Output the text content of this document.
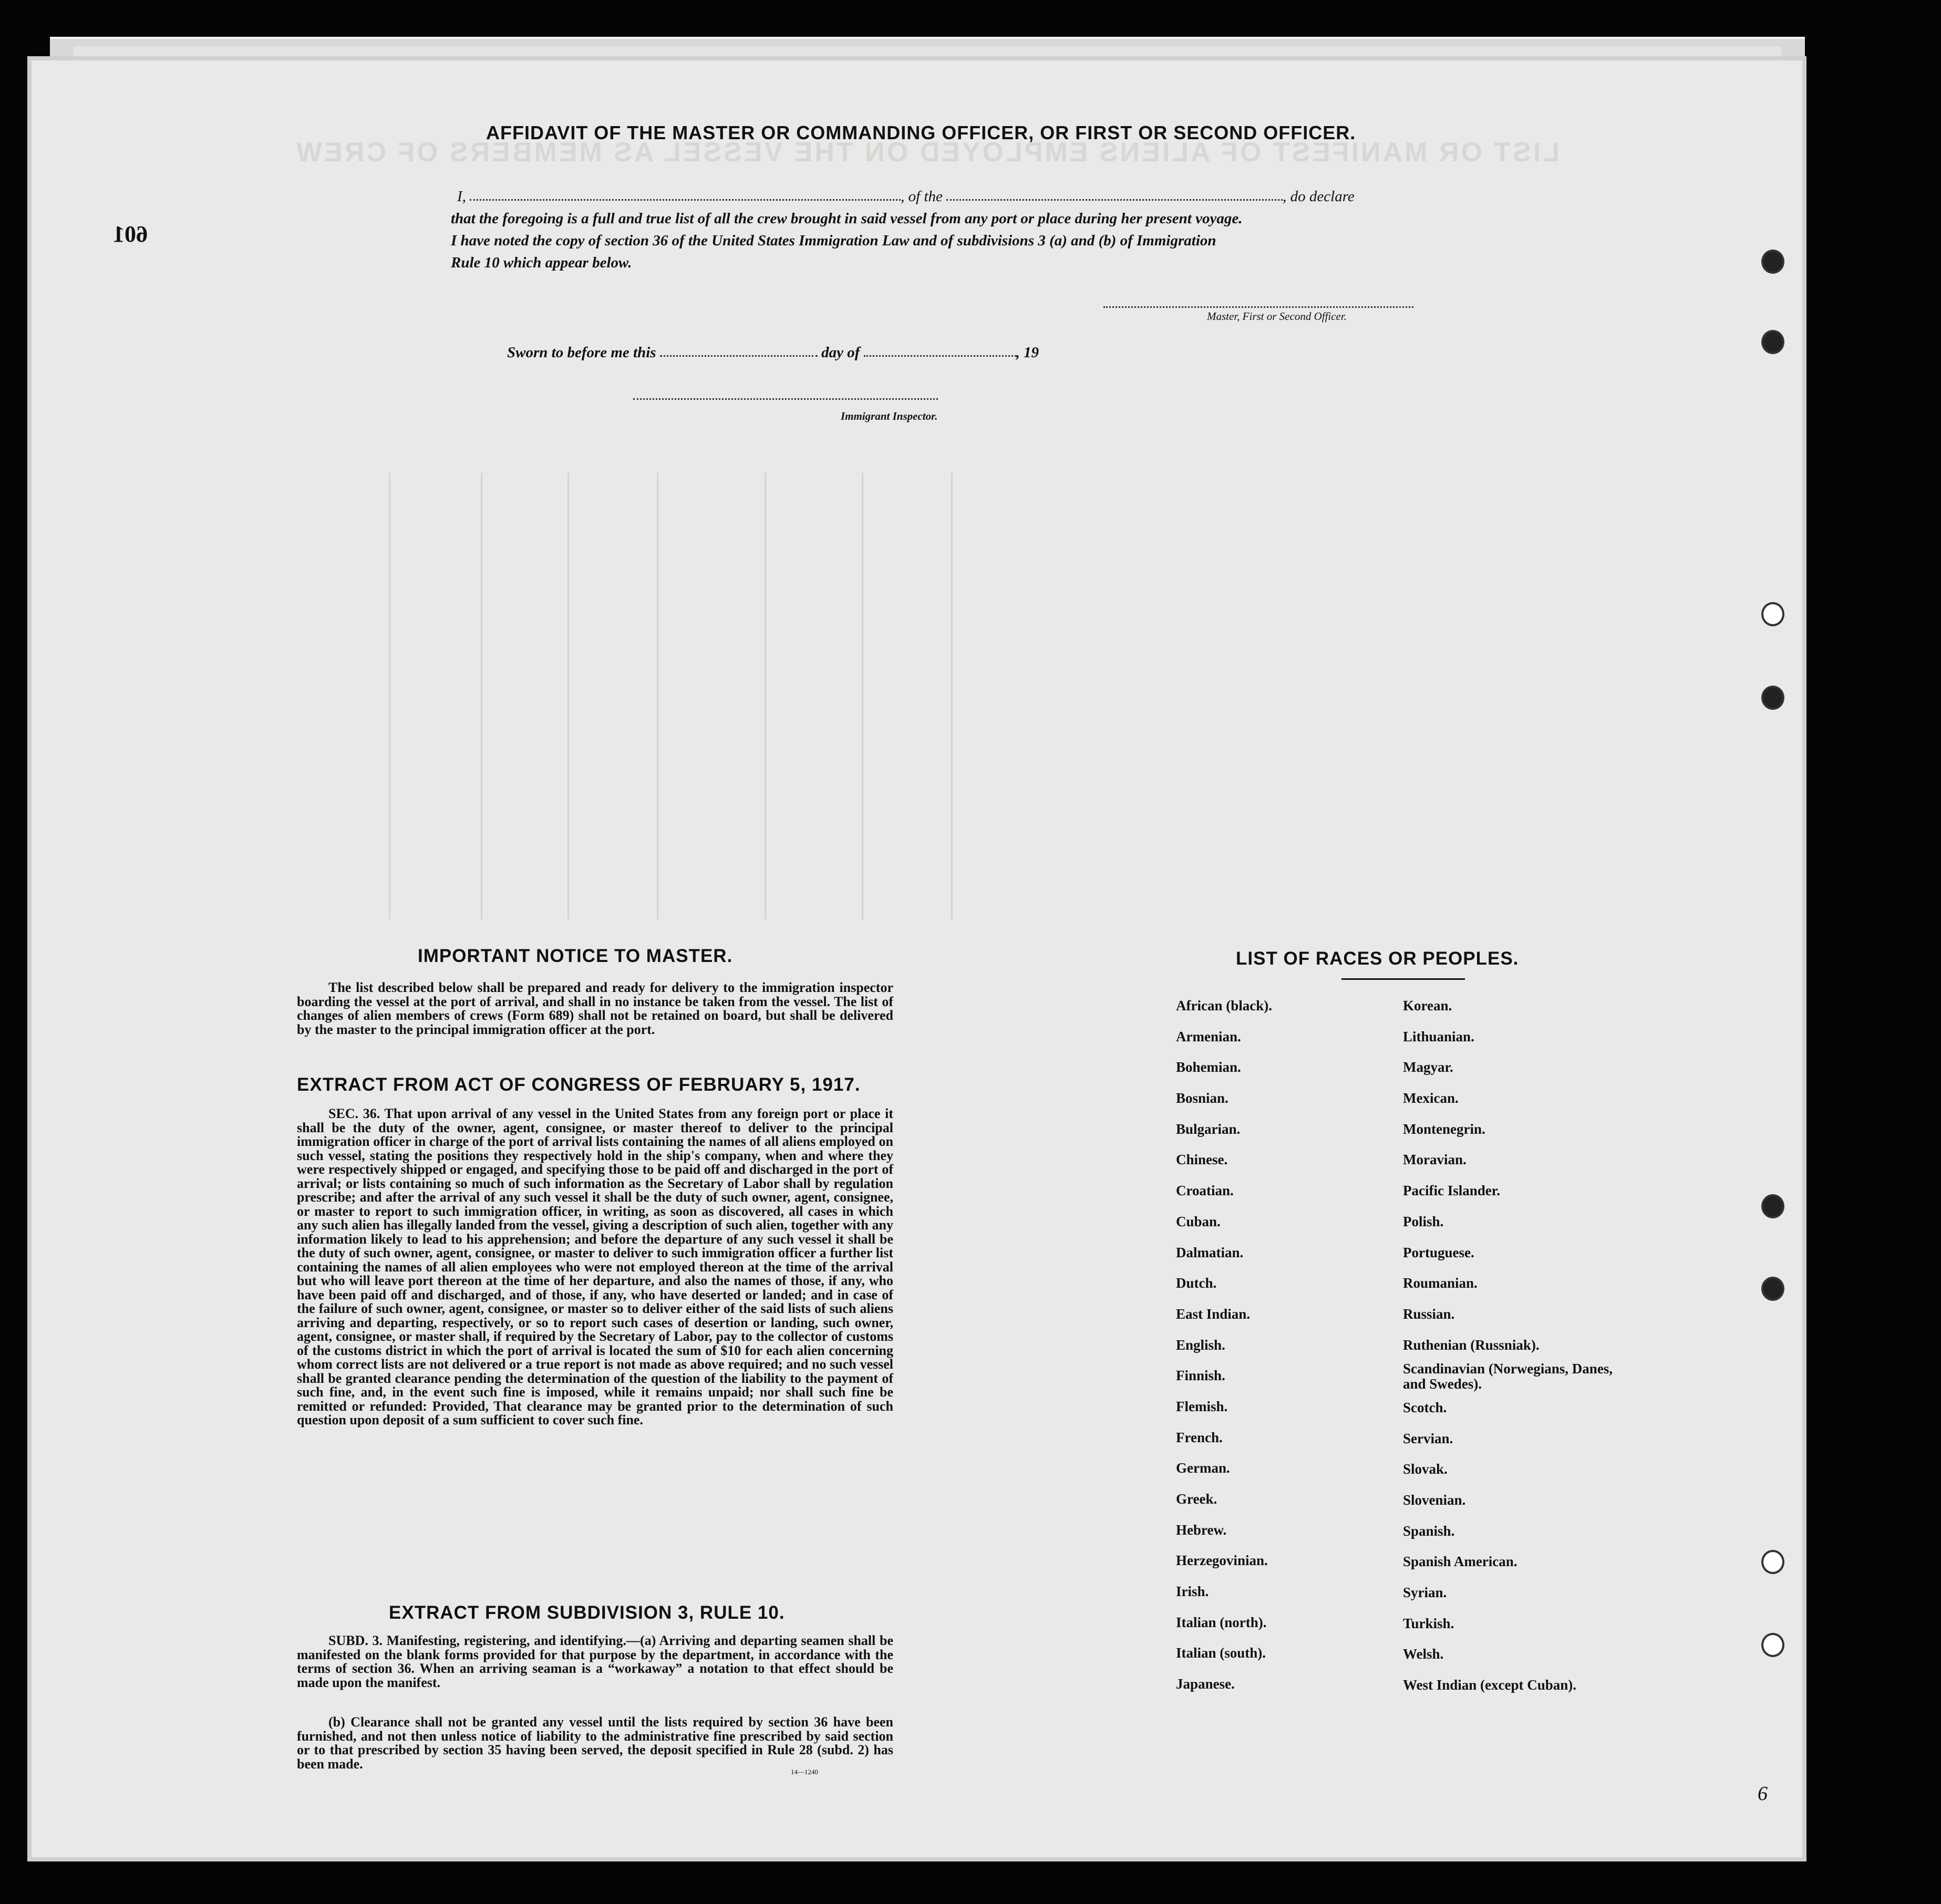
LIST OR MANIFEST OF ALIENS EMPLOYED ON THE VESSEL AS MEMBERS OF CREW
601
AFFIDAVIT OF THE MASTER OR COMMANDING OFFICER, OR FIRST OR SECOND OFFICER.
I,	, of the	, do declare
that the foregoing is a full and true list of all the crew brought in said vessel from any port or place during her present voyage.
I have noted the copy of section 36 of the United States Immigration Law and of subdivisions 3 (a) and (b) of Immigration
Rule 10 which appear below.
Master, First or Second Officer.
Sworn to before me this	day of	, 19
Immigrant Inspector.
IMPORTANT NOTICE TO MASTER.
The list described below shall be prepared and ready for delivery to the immigration inspector boarding the vessel at the port of arrival, and shall in no instance be taken from the vessel. The list of changes of alien members of crews (Form 689) shall not be retained on board, but shall be delivered by the master to the principal immigration officer at the port.
EXTRACT FROM ACT OF CONGRESS OF FEBRUARY 5, 1917.
SEC. 36. That upon arrival of any vessel in the United States from any foreign port or place it shall be the duty of the owner, agent, consignee, or master thereof to deliver to the principal immigration officer in charge of the port of arrival lists containing the names of all aliens employed on such vessel, stating the positions they respectively hold in the ship's company, when and where they were respectively shipped or engaged, and specifying those to be paid off and discharged in the port of arrival; or lists containing so much of such information as the Secretary of Labor shall by regulation prescribe; and after the arrival of any such vessel it shall be the duty of such owner, agent, consignee, or master to report to such immigration officer, in writing, as soon as discovered, all cases in which any such alien has illegally landed from the vessel, giving a description of such alien, together with any information likely to lead to his apprehension; and before the departure of any such vessel it shall be the duty of such owner, agent, consignee, or master to deliver to such immigration officer a further list containing the names of all alien employees who were not employed thereon at the time of the arrival but who will leave port thereon at the time of her departure, and also the names of those, if any, who have been paid off and discharged, and of those, if any, who have deserted or landed; and in case of the failure of such owner, agent, consignee, or master so to deliver either of the said lists of such aliens arriving and departing, respectively, or so to report such cases of desertion or landing, such owner, agent, consignee, or master shall, if required by the Secretary of Labor, pay to the collector of customs of the customs district in which the port of arrival is located the sum of $10 for each alien concerning whom correct lists are not delivered or a true report is not made as above required; and no such vessel shall be granted clearance pending the determination of the question of the liability to the payment of such fine, and, in the event such fine is imposed, while it remains unpaid; nor shall such fine be remitted or refunded: Provided, That clearance may be granted prior to the determination of such question upon deposit of a sum sufficient to cover such fine.
EXTRACT FROM SUBDIVISION 3, RULE 10.
SUBD. 3. Manifesting, registering, and identifying.—(a) Arriving and departing seamen shall be manifested on the blank forms provided for that purpose by the department, in accordance with the terms of section 36. When an arriving seaman is a “workaway” a notation to that effect should be made upon the manifest.
(b) Clearance shall not be granted any vessel until the lists required by section 36 have been furnished, and not then unless notice of liability to the administrative fine prescribed by said section or to that prescribed by section 35 having been served, the deposit specified in Rule 28 (subd. 2) has been made.
14—1240
LIST OF RACES OR PEOPLES.
African (black).
Armenian.
Bohemian.
Bosnian.
Bulgarian.
Chinese.
Croatian.
Cuban.
Dalmatian.
Dutch.
East Indian.
English.
Finnish.
Flemish.
French.
German.
Greek.
Hebrew.
Herzegovinian.
Irish.
Italian (north).
Italian (south).
Japanese.
Korean.
Lithuanian.
Magyar.
Mexican.
Montenegrin.
Moravian.
Pacific Islander.
Polish.
Portuguese.
Roumanian.
Russian.
Ruthenian (Russniak).
Scandinavian (Norwegians, Danes, and Swedes).
Scotch.
Servian.
Slovak.
Slovenian.
Spanish.
Spanish American.
Syrian.
Turkish.
Welsh.
West Indian (except Cuban).
6
